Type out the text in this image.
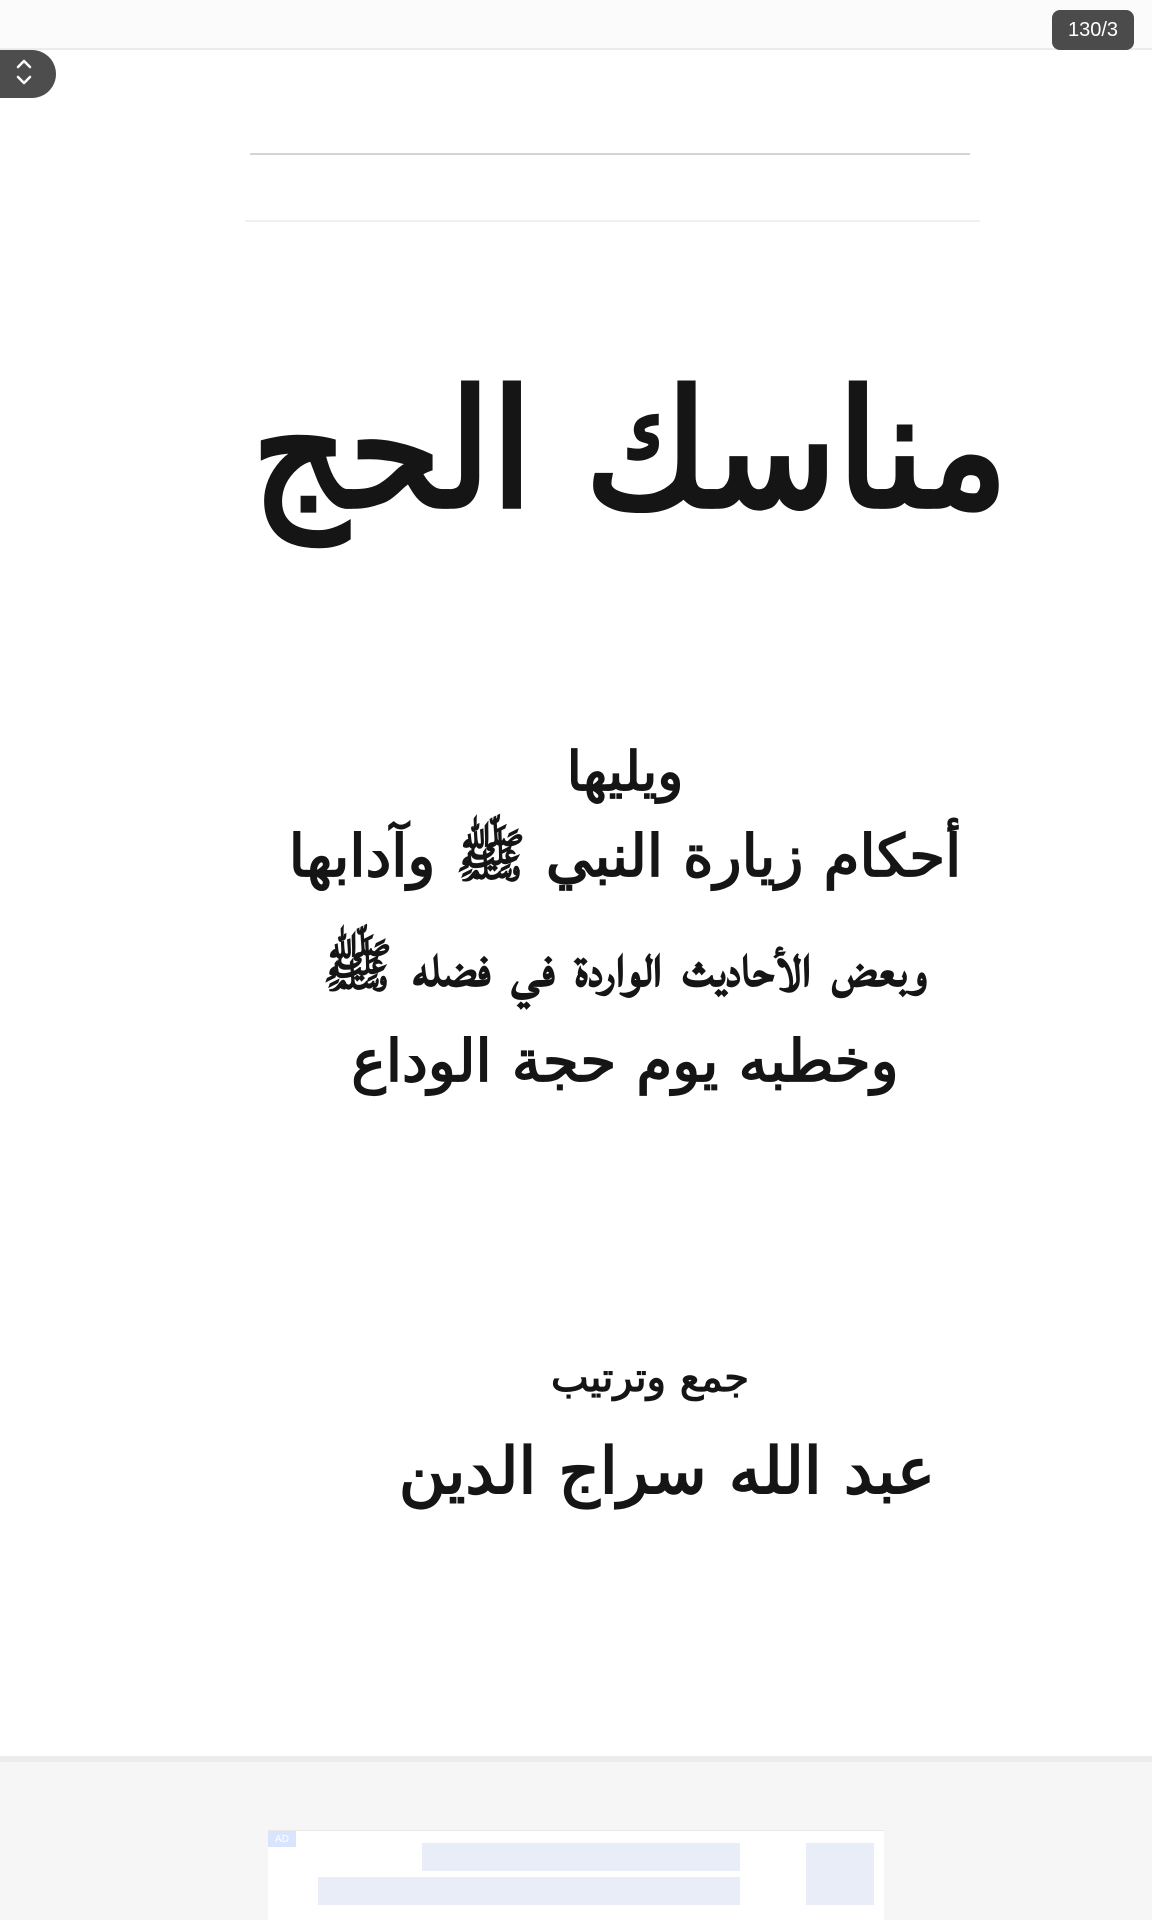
130/3
مناسك الحج
ويليها
أحكام زيارة النبي ﷺ وآدابها
وبعض الأحاديث الواردة في فضله ﷺ
وخطبه يوم حجة الوداع
جمع وترتيب
عبد الله سراج الدين
AD
